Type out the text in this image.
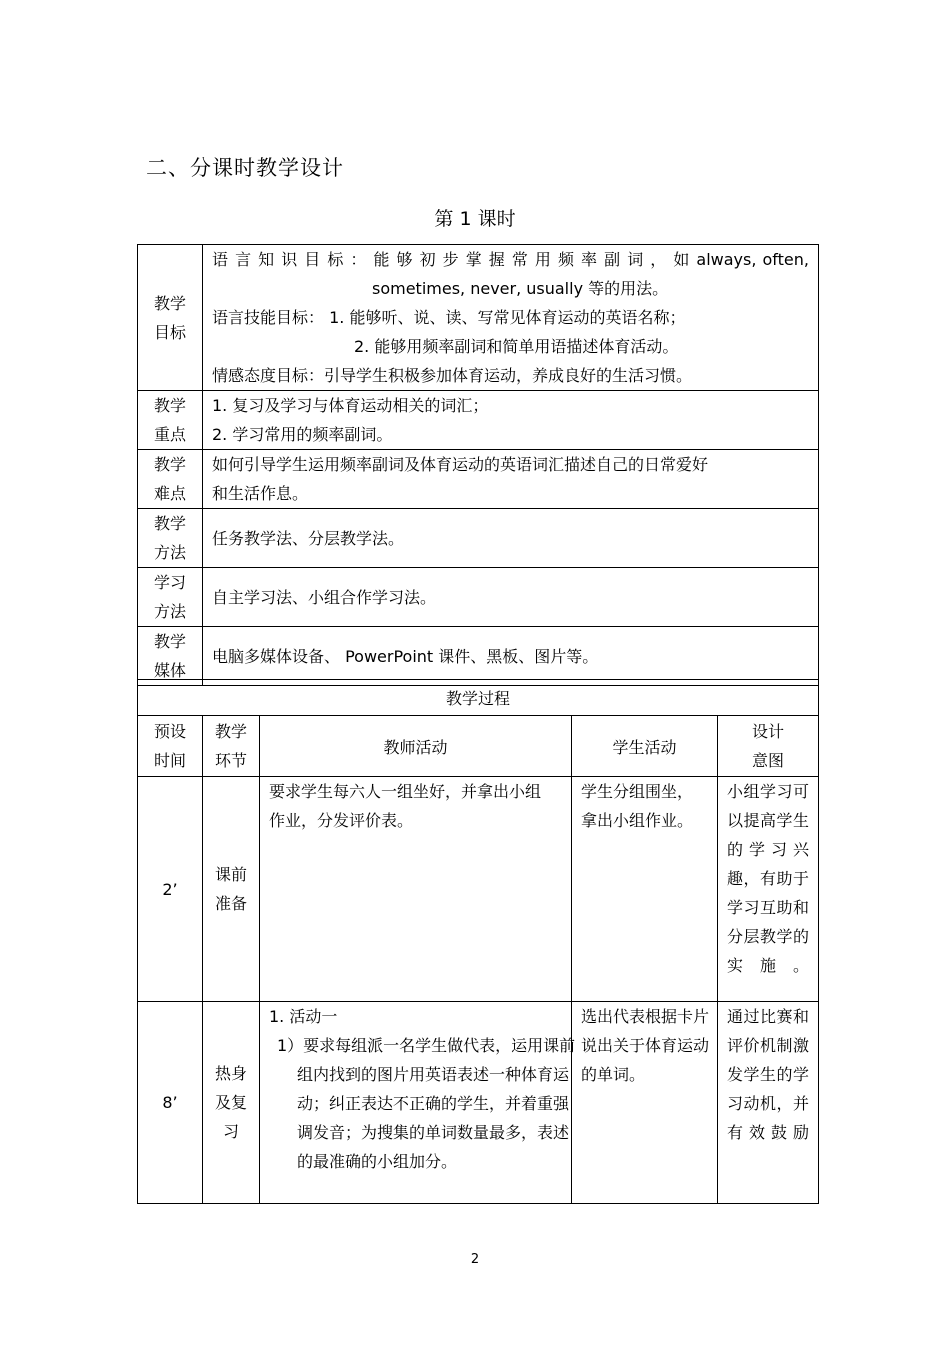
二、分课时教学设计
第 1 课时
教学目标	语 言 知 识 目 标 ： 能 够 初 步 掌 握 常 用 频 率 副 词 ， 如 always, often,
sometimes, never, usually 等的用法。
语言技能目标： 1. 能够听、说、读、写常见体育运动的英语名称；
2. 能够用频率副词和简单用语描述体育活动。
情感态度目标：引导学生积极参加体育运动，养成良好的生活习惯。

教学重点	1. 复习及学习与体育运动相关的词汇；
2. 学习常用的频率副词。

教学难点	如何引导学生运用频率副词及体育运动的英语词汇描述自己的日常爱好
和生活作息。

教学方法	任务教学法、分层教学法。

学习方法	自主学习法、小组合作学习法。

教学媒体	电脑多媒体设备、 PowerPoint 课件、黑板、图片等。
教学过程				

预设时间	教学环节	教师活动	学生活动	设计意图

2’	课前准备	要求学生每六人一组坐好，并拿出小组作业，分发评价表。	学生分组围坐，拿出小组作业。	小组学习可以提高学生的学习兴趣，有助于学习互助和分层教学的实施。

8’	热身及复习	1. 活动一
1）要求每组派一名学生做代表，运用课前组内找到的图片用英语表述一种体育运动；纠正表达不正确的学生，并着重强调发音；为搜集的单词数量最多，表述的最准确的小组加分。	选出代表根据卡片说出关于体育运动的单词。	通过比赛和评价机制激发学生的学习动机，并有效鼓励
2
